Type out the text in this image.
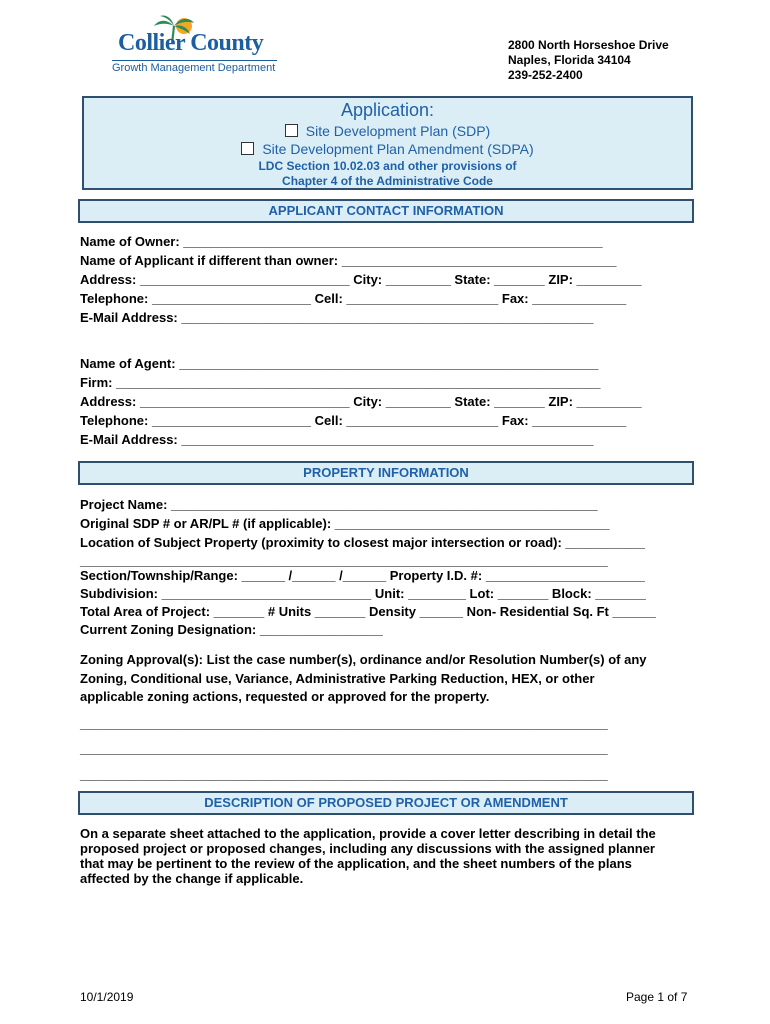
Collier County
Growth Management Department
2800 North Horseshoe Drive
Naples, Florida 34104
239-252-2400
Application:
Site Development Plan (SDP)
Site Development Plan Amendment (SDPA)
LDC Section 10.02.03 and other provisions of
Chapter 4 of the Administrative Code
APPLICANT CONTACT INFORMATION
Name of Owner: __________________________________________________________
Name of Applicant if different than owner: ______________________________________
Address: _____________________________ City: _________ State: _______ ZIP: _________
Telephone: ______________________ Cell: _____________________ Fax: _____________
E-Mail Address: _________________________________________________________
Name of Agent: __________________________________________________________
Firm: ___________________________________________________________________
Address: _____________________________ City: _________ State: _______ ZIP: _________
Telephone: ______________________ Cell: _____________________ Fax: _____________
E-Mail Address: _________________________________________________________
PROPERTY INFORMATION
Project Name: ___________________________________________________________
Original SDP # or AR/PL # (if applicable): ______________________________________
Location of Subject Property (proximity to closest major intersection or road): ___________
_________________________________________________________________________
Section/Township/Range: ______ /______ /______ Property I.D. #: ______________________
Subdivision: _____________________________ Unit: ________ Lot: _______ Block: _______
Total Area of Project: _______ # Units _______ Density ______ Non- Residential Sq. Ft ______
Current Zoning Designation: _________________
Zoning Approval(s): List the case number(s), ordinance and/or Resolution Number(s) of any
Zoning, Conditional use, Variance, Administrative Parking Reduction, HEX, or other
applicable zoning actions, requested or approved for the property.
_________________________________________________________________________
_________________________________________________________________________
_________________________________________________________________________
DESCRIPTION OF PROPOSED PROJECT OR AMENDMENT
On a separate sheet attached to the application, provide a cover letter describing in detail the
proposed project or proposed changes, including any discussions with the assigned planner
that may be pertinent to the review of the application, and the sheet numbers of the plans
affected by the change if applicable.
10/1/2019	Page 1 of 7
